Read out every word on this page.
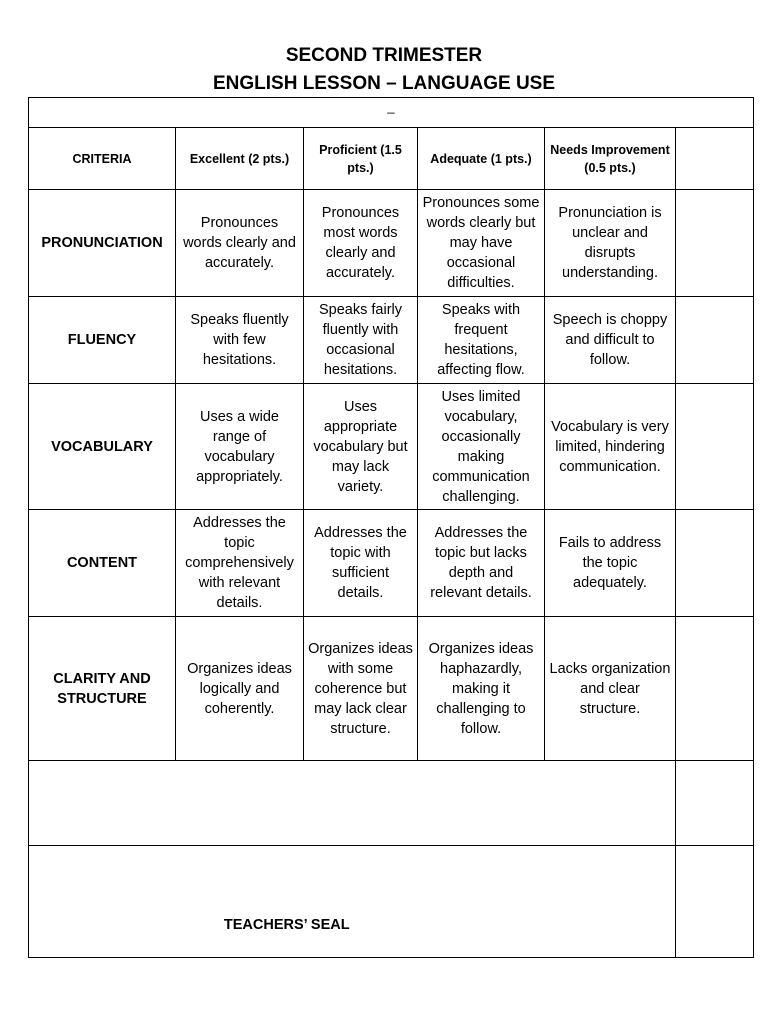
SECOND TRIMESTER
ENGLISH LESSON – LANGUAGE USE
_					
CRITERIA	Excellent (2 pts.)	Proficient (1.5 pts.)	Adequate (1 pts.)	Needs Improvement (0.5 pts.)	
PRONUNCIATION	Pronounces words clearly and accurately.	Pronounces most words clearly and accurately.	Pronounces some words clearly but may have occasional difficulties.	Pronunciation is unclear and disrupts understanding.	
FLUENCY	Speaks fluently with few hesitations.	Speaks fairly fluently with occasional hesitations.	Speaks with frequent hesitations, affecting flow.	Speech is choppy and difficult to follow.	
VOCABULARY	Uses a wide range of vocabulary appropriately.	Uses appropriate vocabulary but may lack variety.	Uses limited vocabulary, occasionally making communication challenging.	Vocabulary is very limited, hindering communication.	
CONTENT	Addresses the topic comprehensively with relevant details.	Addresses the topic with sufficient details.	Addresses the topic but lacks depth and relevant details.	Fails to address the topic adequately.	
CLARITY AND STRUCTURE	Organizes ideas logically and coherently.	Organizes ideas with some coherence but may lack clear structure.	Organizes ideas haphazardly, making it challenging to follow.	Lacks organization and clear structure.	

TEACHERS’ SEAL					
